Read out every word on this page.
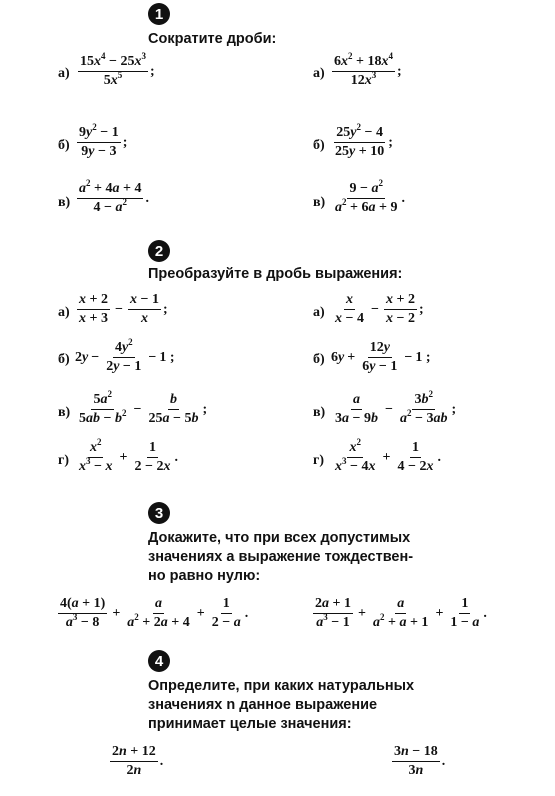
1
Сократите дроби:
$а) \frac{15x^4 - 25x^3}{5x^5}$ ;	$а) \frac{6x^2 + 18x^4}{12x^3}$ ;
$б) \frac{9y^2 - 1}{9y - 3}$ ;	$б) \frac{25y^2 - 4}{25y + 10}$ ;
$в) \frac{a^2 + 4a + 4}{4 - a^2}$ .	$в) \frac{9 - a^2}{a^2 + 6a + 9}$ .
2
Преобразуйте в дробь выражения:
$а) \frac{x + 2}{x + 3} - \frac{x - 1}{x}$ ;	$а) \frac{x}{x - 4} - \frac{x + 2}{x - 2}$ ;
б) 2 $y - \frac{4y^2}{2y - 1} - 1$ ;	б) 6 $y + \frac{12y}{6y - 1} - 1$ ;
$в) \frac{5a^2}{5ab - b^2} - \frac{b}{25a - 5b}$ ;	$в) \frac{a}{3a - 9b} - \frac{3b^2}{a^2 - 3ab}$ ;
$г) \frac{x^2}{x^3 - x} + \frac{1}{2 - 2x}$ .	$г) \frac{x^2}{x^3 - 4x} + \frac{1}{4 - 2x}$ .
3
Докажите, что при всех допустимых
значениях a выражение тождествен-
но равно нулю:
$\frac{4(a + 1)}{a^3 - 8} + \frac{a}{a^2 + 2a + 4} + \frac{1}{2 - a}$ .	$\frac{2a + 1}{a^3 - 1} + \frac{a}{a^2 + a + 1} + \frac{1}{1 - a}$ .
4
Определите, при каких натуральных
значениях n данное выражение
принимает целые значения:
$\frac{2n + 12}{2n}$ .	$\frac{3n - 18}{3n}$ .
